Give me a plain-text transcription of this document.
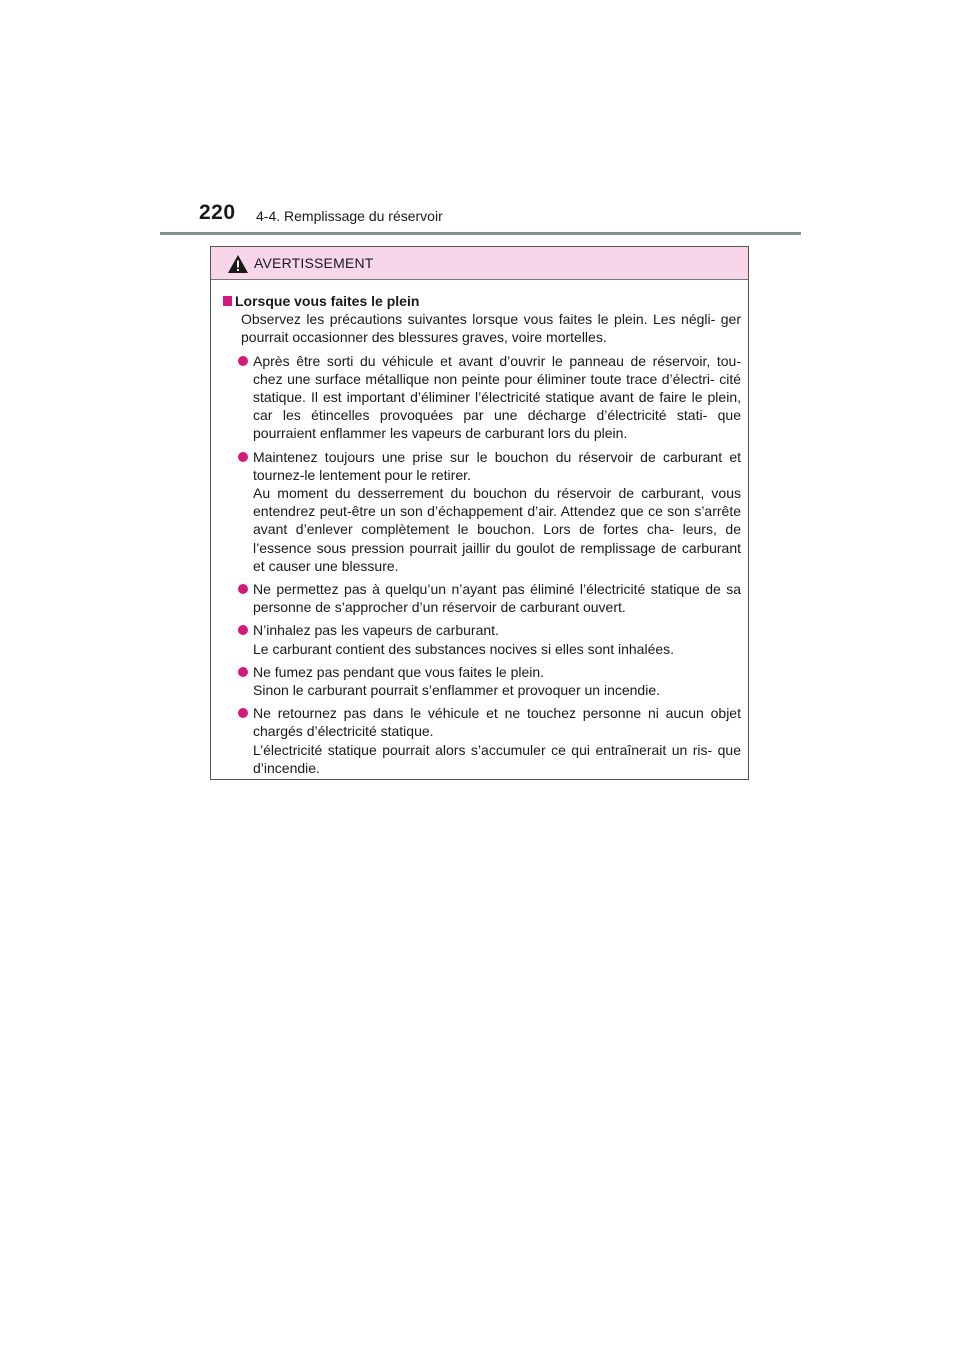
220 4-4. Remplissage du réservoir
AVERTISSEMENT
Lorsque vous faites le plein
Observez les précautions suivantes lorsque vous faites le plein. Les négli- ger pourrait occasionner des blessures graves, voire mortelles.

Après être sorti du véhicule et avant d’ouvrir le panneau de réservoir, tou- chez une surface métallique non peinte pour éliminer toute trace d’électri- cité statique. Il est important d’éliminer l’électricité statique avant de faire le plein, car les étincelles provoquées par une décharge d’électricité stati- que pourraient enflammer les vapeurs de carburant lors du plein.

Maintenez toujours une prise sur le bouchon du réservoir de carburant et tournez-le lentement pour le retirer.

Au moment du desserrement du bouchon du réservoir de carburant, vous entendrez peut-être un son d’échappement d’air. Attendez que ce son s’arrête avant d’enlever complètement le bouchon. Lors de fortes cha- leurs, de l’essence sous pression pourrait jaillir du goulot de remplissage de carburant et causer une blessure.

Ne permettez pas à quelqu’un n’ayant pas éliminé l’électricité statique de sa personne de s’approcher d’un réservoir de carburant ouvert.

N’inhalez pas les vapeurs de carburant.

Le carburant contient des substances nocives si elles sont inhalées.

Ne fumez pas pendant que vous faites le plein.

Sinon le carburant pourrait s’enflammer et provoquer un incendie.

Ne retournez pas dans le véhicule et ne touchez personne ni aucun objet chargés d’électricité statique.

L’électricité statique pourrait alors s’accumuler ce qui entraînerait un ris- que d’incendie.
